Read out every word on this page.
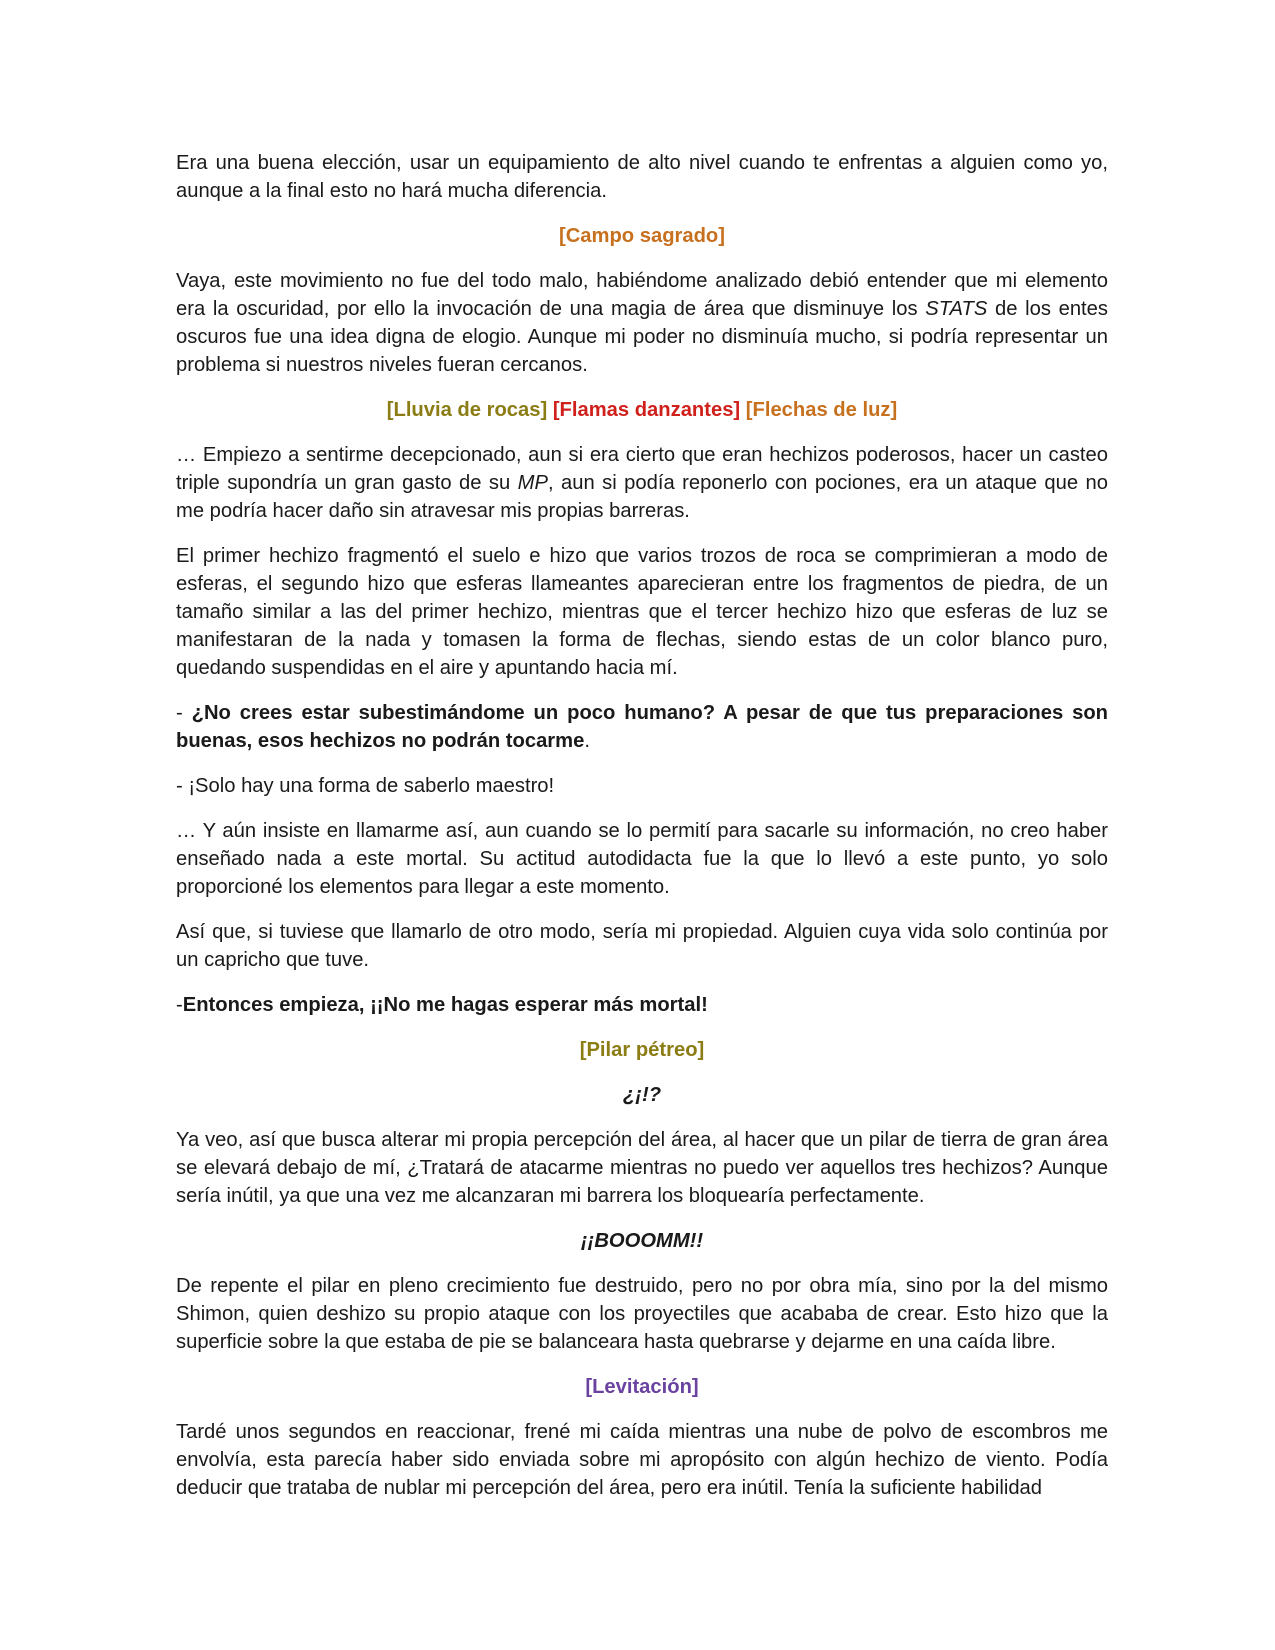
Era una buena elección, usar un equipamiento de alto nivel cuando te enfrentas a alguien como yo, aunque a la final esto no hará mucha diferencia.

[Campo sagrado]

Vaya, este movimiento no fue del todo malo, habiéndome analizado debió entender que mi elemento era la oscuridad, por ello la invocación de una magia de área que disminuye los STATS de los entes oscuros fue una idea digna de elogio. Aunque mi poder no disminuía mucho, si podría representar un problema si nuestros niveles fueran cercanos.

[Lluvia de rocas] [Flamas danzantes] [Flechas de luz]

… Empiezo a sentirme decepcionado, aun si era cierto que eran hechizos poderosos, hacer un casteo triple supondría un gran gasto de su MP, aun si podía reponerlo con pociones, era un ataque que no me podría hacer daño sin atravesar mis propias barreras.

El primer hechizo fragmentó el suelo e hizo que varios trozos de roca se comprimieran a modo de esferas, el segundo hizo que esferas llameantes aparecieran entre los fragmentos de piedra, de un tamaño similar a las del primer hechizo, mientras que el tercer hechizo hizo que esferas de luz se manifestaran de la nada y tomasen la forma de flechas, siendo estas de un color blanco puro, quedando suspendidas en el aire y apuntando hacia mí.

- ¿No crees estar subestimándome un poco humano? A pesar de que tus preparaciones son buenas, esos hechizos no podrán tocarme.

- ¡Solo hay una forma de saberlo maestro!

… Y aún insiste en llamarme así, aun cuando se lo permití para sacarle su información, no creo haber enseñado nada a este mortal. Su actitud autodidacta fue la que lo llevó a este punto, yo solo proporcioné los elementos para llegar a este momento.

Así que, si tuviese que llamarlo de otro modo, sería mi propiedad. Alguien cuya vida solo continúa por un capricho que tuve.

-Entonces empieza, ¡¡No me hagas esperar más mortal!

[Pilar pétreo]

¿¡!?

Ya veo, así que busca alterar mi propia percepción del área, al hacer que un pilar de tierra de gran área se elevará debajo de mí, ¿Tratará de atacarme mientras no puedo ver aquellos tres hechizos? Aunque sería inútil, ya que una vez me alcanzaran mi barrera los bloquearía perfectamente.

¡¡BOOOMM!!

De repente el pilar en pleno crecimiento fue destruido, pero no por obra mía, sino por la del mismo Shimon, quien deshizo su propio ataque con los proyectiles que acababa de crear. Esto hizo que la superficie sobre la que estaba de pie se balanceara hasta quebrarse y dejarme en una caída libre.

[Levitación]

Tardé unos segundos en reaccionar, frené mi caída mientras una nube de polvo de escombros me envolvía, esta parecía haber sido enviada sobre mi apropósito con algún hechizo de viento. Podía deducir que trataba de nublar mi percepción del área, pero era inútil. Tenía la suficiente habilidad
